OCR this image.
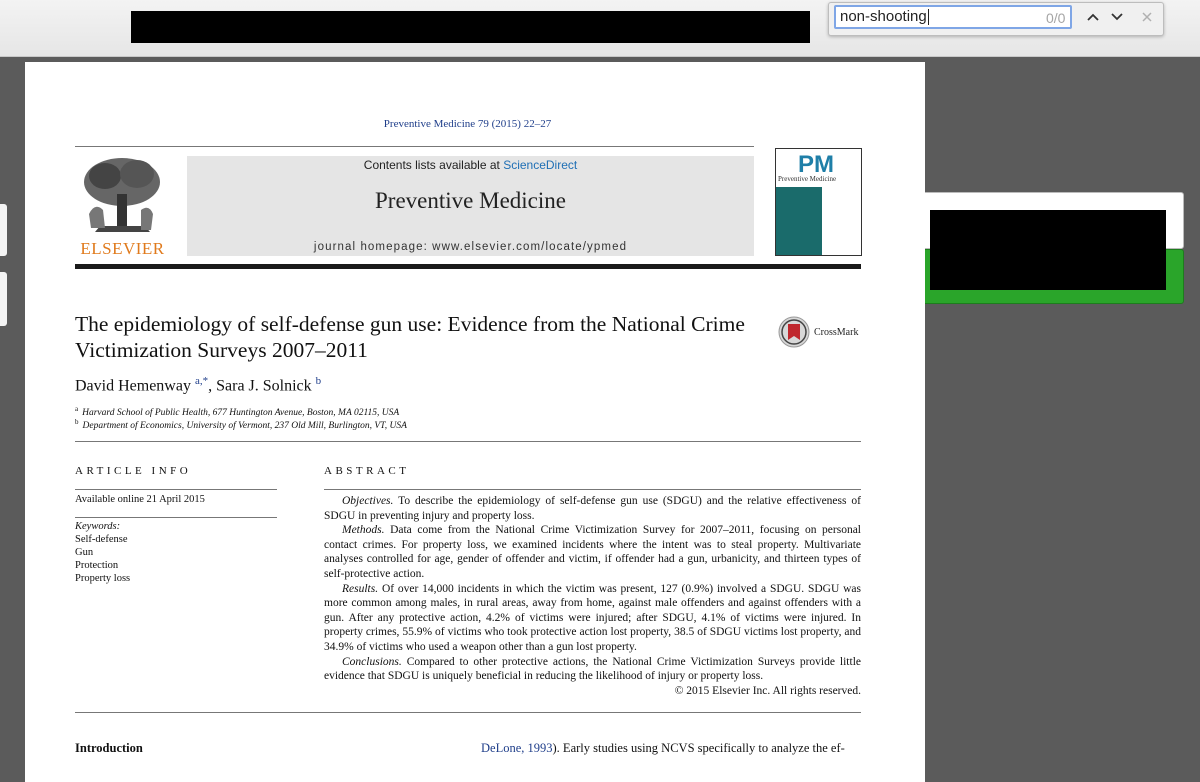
non-shooting	0/0
Preventive Medicine 79 (2015) 22–27
ELSEVIER
Contents lists available at ScienceDirect
Preventive Medicine
journal homepage: www.elsevier.com/locate/ypmed
PM
Preventive Medicine
The epidemiology of self-defense gun use: Evidence from the National Crime Victimization Surveys 2007–2011
CrossMark
David Hemenway $^{a,*}$, Sara J. Solnick $^b$
$^a$ Harvard School of Public Health, 677 Huntington Avenue, Boston, MA 02115, USA
$^b$ Department of Economics, University of Vermont, 237 Old Mill, Burlington, VT, USA
ARTICLE INFO	ABSTRACT
Available online 21 April 2015
Keywords:
Self-defense
Gun
Protection
Property loss

Objectives. To describe the epidemiology of self-defense gun use (SDGU) and the relative effectiveness of SDGU in preventing injury and property loss.

Methods. Data come from the National Crime Victimization Survey for 2007–2011, focusing on personal contact crimes. For property loss, we examined incidents where the intent was to steal property. Multivariate analyses controlled for age, gender of offender and victim, if offender had a gun, urbanicity, and thirteen types of self-protective action.

Results. Of over 14,000 incidents in which the victim was present, 127 (0.9%) involved a SDGU. SDGU was more common among males, in rural areas, away from home, against male offenders and against offenders with a gun. After any protective action, 4.2% of victims were injured; after SDGU, 4.1% of victims were injured. In property crimes, 55.9% of victims who took protective action lost property, 38.5 of SDGU victims lost property, and 34.9% of victims who used a weapon other than a gun lost property.

Conclusions. Compared to other protective actions, the National Crime Victimization Surveys provide little evidence that SDGU is uniquely beneficial in reducing the likelihood of injury or property loss.

© 2015 Elsevier Inc. All rights reserved.
Introduction	DeLone, 1993). Early studies using NCVS specifically to analyze the ef-
